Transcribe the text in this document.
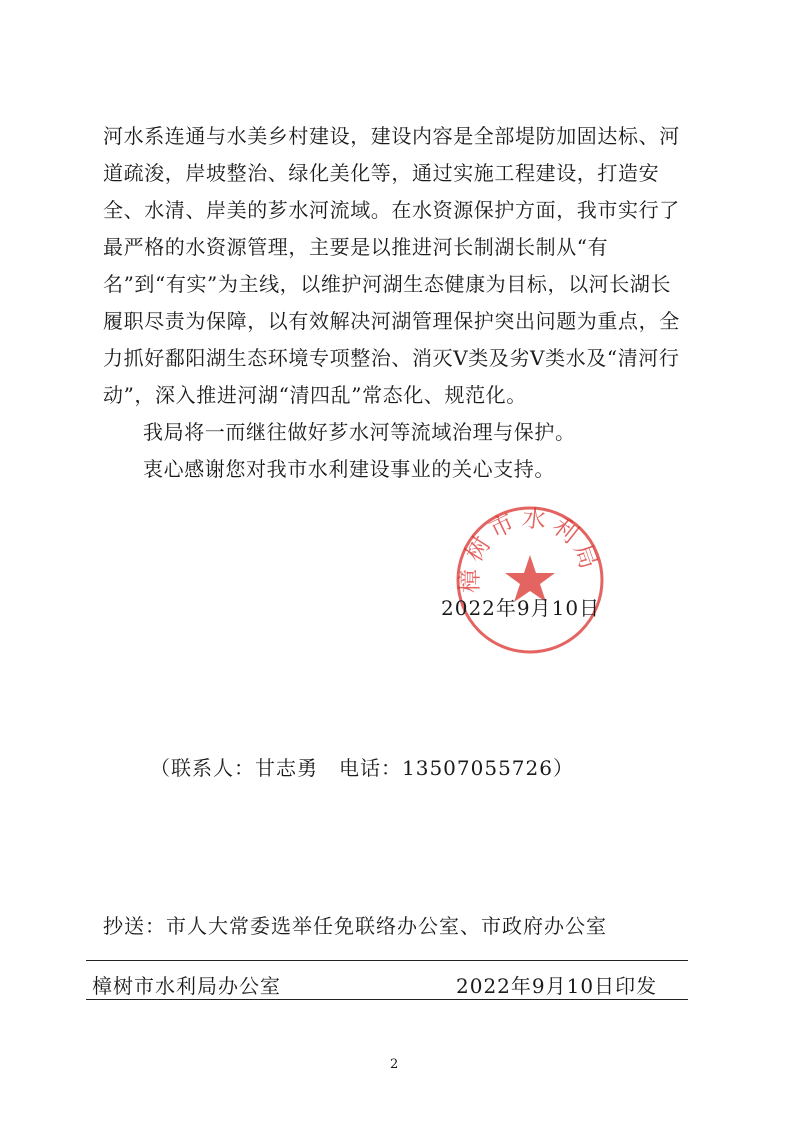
河水系连通与水美乡村建设，建设内容是全部堤防加固达标、河道疏浚，岸坡整治、绿化美化等，通过实施工程建设，打造安全、水清、岸美的芗水河流域。在水资源保护方面，我市实行了最严格的水资源管理，主要是以推进河长制湖长制从“有名”到“有实”为主线，以维护河湖生态健康为目标，以河长湖长履职尽责为保障，以有效解决河湖管理保护突出问题为重点，全力抓好鄱阳湖生态环境专项整治、消灭Ⅴ类及劣Ⅴ类水及“清河行动”，深入推进河湖“清四乱”常态化、规范化。

我局将一而继往做好芗水河等流域治理与保护。

衷心感谢您对我市水利建设事业的关心支持。

樟树市水利局
2022年9月10日
（联系人：甘志勇　电话：13507055726）
抄送：市人大常委选举任免联络办公室、市政府办公室
樟树市水利局办公室	2022年9月10日印发
2
